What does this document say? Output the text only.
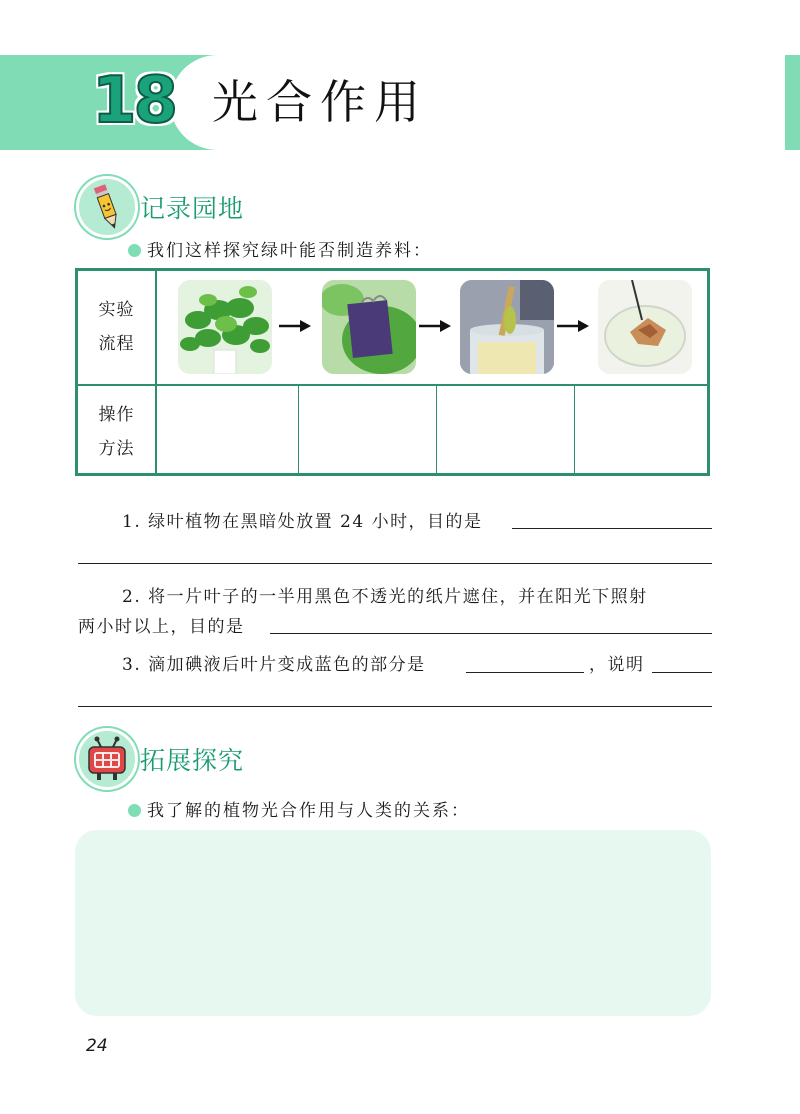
18 光合作用
记录园地
我们这样探究绿叶能否制造养料：
实验
流程
操作
方法
1. 绿叶植物在黑暗处放置 24 小时，目的是
2. 将一片叶子的一半用黑色不透光的纸片遮住，并在阳光下照射
两小时以上，目的是
3. 滴加碘液后叶片变成蓝色的部分是	，说明
拓展探究
我了解的植物光合作用与人类的关系：
24
